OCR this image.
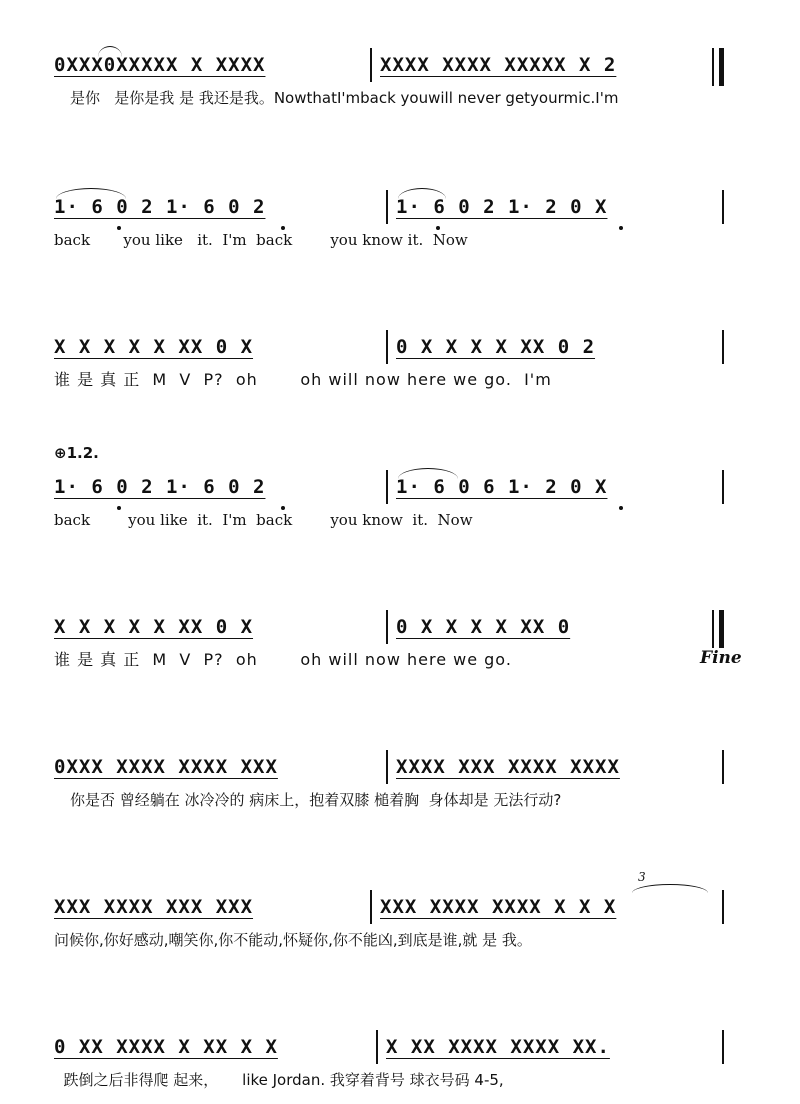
0XXX0XXXXX X XXXX	XXXX XXXX XXXXX X 2
是你   是你是我 是 我还是我。NowthatI'mback youwill never getyourmic.I'm
1· 6 0 2 1· 6 0 2	1· 6 0 2 1· 2 0 X
back       you like   it.  I'm  back        you know it.  Now
X X X X X XX 0 X	0 X X X X XX 0 2
谁 是 真 正  M  V  P?  oh       oh will now here we go.  I'm
⊕1.2.
1· 6 0 2 1· 6 0 2	1· 6 0 6 1· 2 0 X
back        you like  it.  I'm  back        you know  it.  Now
X X X X X XX 0 X	0 X X X X XX 0
谁 是 真 正  M  V  P?  oh       oh will now here we go.	Fine
0XXX XXXX XXXX XXX	XXXX XXX XXXX XXXX
你是否 曾经躺在 冰冷冷的 病床上，抱着双膝 槌着胸  身体却是 无法行动?
3
XXX XXXX XXX XXX	XXX XXXX XXXX X X X
问候你,你好感动,嘲笑你,你不能动,怀疑你,你不能凶,到底是谁,就 是 我。
0 XX XXXX X XX X X	X XX XXXX XXXX XX.
跌倒之后非得爬 起来，     like Jordan. 我穿着背号 球衣号码 4-5,
